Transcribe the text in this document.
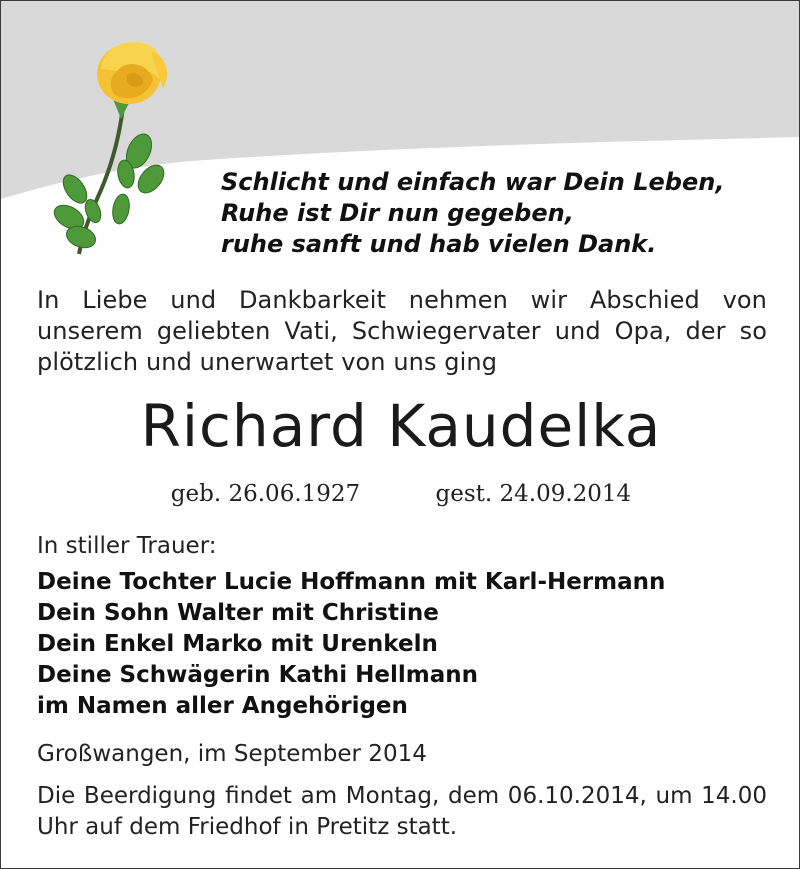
Schlicht und einfach war Dein Leben,
Ruhe ist Dir nun gegeben,
ruhe sanft und hab vielen Dank.
In Liebe und Dankbarkeit nehmen wir Abschied von unserem geliebten Vati, Schwiegervater und Opa, der so plötzlich und unerwartet von uns ging
Richard Kaudelka
geb. 26.06.1927	gest. 24.09.2014
In stiller Trauer:
Deine Tochter Lucie Hoffmann mit Karl-Hermann
Dein Sohn Walter mit Christine
Dein Enkel Marko mit Urenkeln
Deine Schwägerin Kathi Hellmann
im Namen aller Angehörigen
Großwangen, im September 2014
Die Beerdigung findet am Montag, dem 06.10.2014, um 14.00 Uhr auf dem Friedhof in Pretitz statt.
